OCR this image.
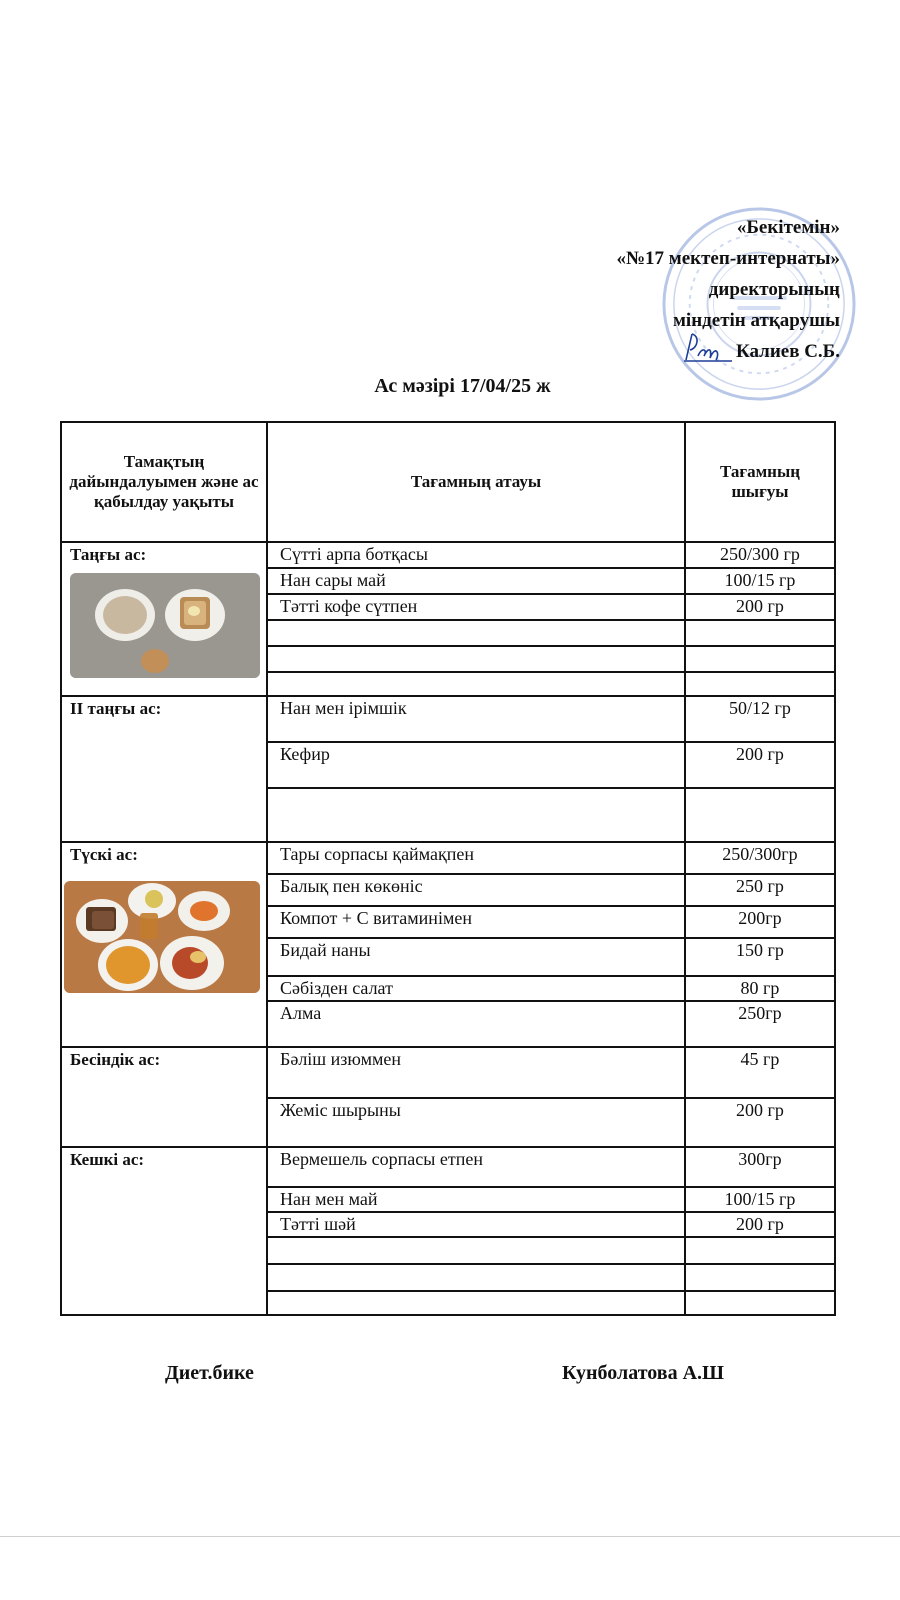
«Бекітемін»
«№17 мектеп-интернаты»
директорының
міндетін атқарушы
Калиев С.Б.
Ас мәзірі 17/04/25 ж
Тамақтың дайындалуымен және ас қабылдау уақыты	Тағамның атауы	Тағамның шығуы

Таңғы ас:	Сүтті арпа ботқасы	250/300 гр
	Нан сары май	100/15 гр
	Тәтті кофе сүтпен	200 гр

ІІ таңғы ас:	Нан мен ірімшік	50/12 гр
	Кефир	200 гр

Түскі ас:	Тары сорпасы қаймақпен	250/300гр
	Балық пен көкөніс	250 гр
	Компот + С витаминімен	200гр
	Бидай наны	150 гр
	Сәбізден салат	80 гр
	Алма	250гр

Бесіндік ас:	Бәліш изюммен	45 гр
	Жеміс шырыны	200 гр

Кешкі ас:	Вермешель сорпасы етпен	300гр
	Нан мен май	100/15 гр
	Тәтті шәй	200 гр

Диет.бике	Кунболатова А.Ш
